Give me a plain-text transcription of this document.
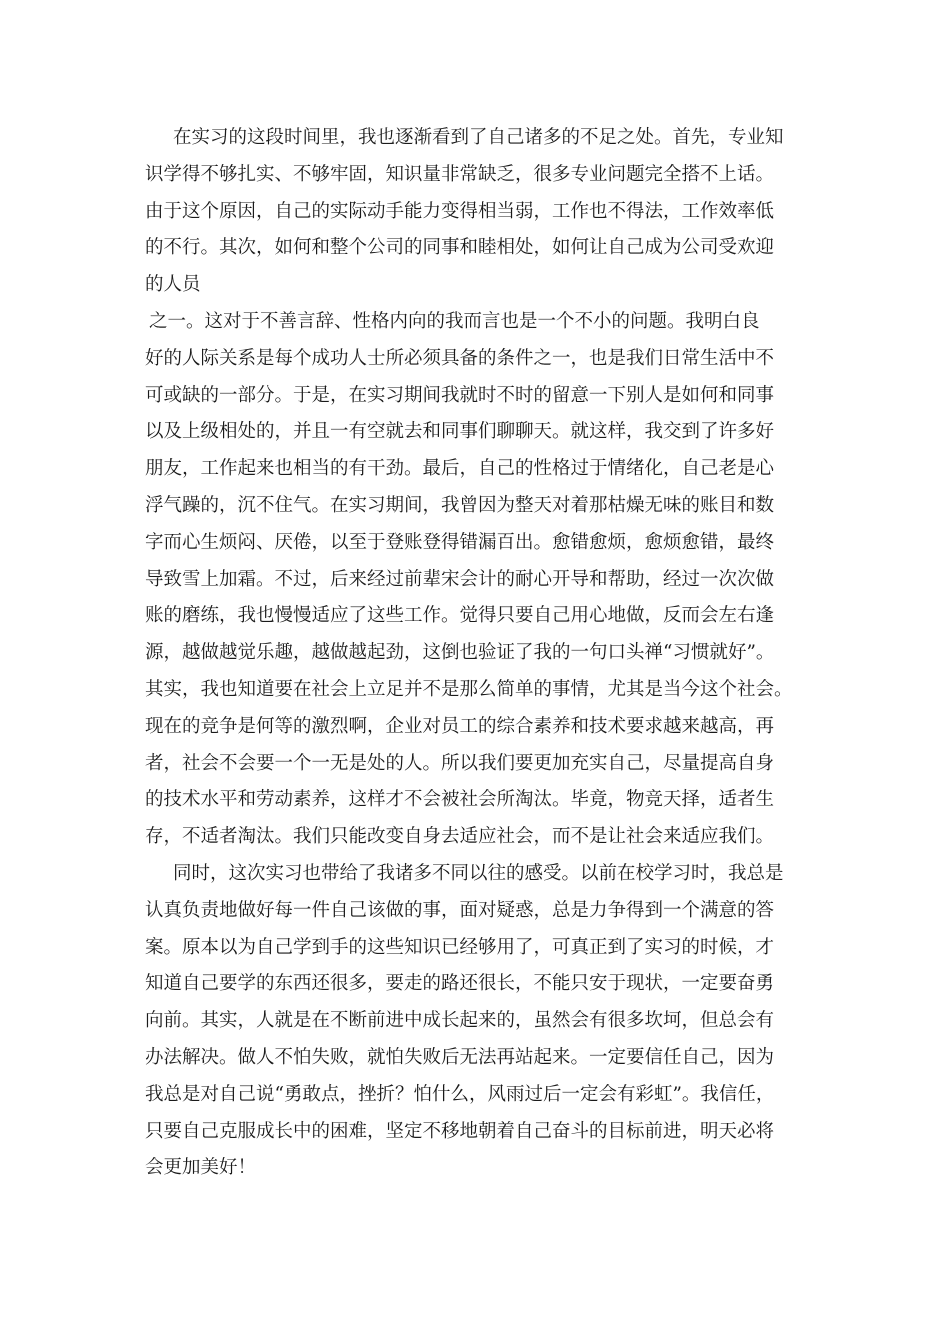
在实习的这段时间里，我也逐渐看到了自己诸多的不足之处。首先，专业知
识学得不够扎实、不够牢固，知识量非常缺乏，很多专业问题完全搭不上话。
由于这个原因，自己的实际动手能力变得相当弱，工作也不得法，工作效率低
的不行。其次，如何和整个公司的同事和睦相处，如何让自己成为公司受欢迎
的人员
之一。这对于不善言辞、性格内向的我而言也是一个不小的问题。我明白良
好的人际关系是每个成功人士所必须具备的条件之一，也是我们日常生活中不
可或缺的一部分。于是，在实习期间我就时不时的留意一下别人是如何和同事
以及上级相处的，并且一有空就去和同事们聊聊天。就这样，我交到了许多好
朋友，工作起来也相当的有干劲。最后，自己的性格过于情绪化，自己老是心
浮气躁的，沉不住气。在实习期间，我曾因为整天对着那枯燥无味的账目和数
字而心生烦闷、厌倦，以至于登账登得错漏百出。愈错愈烦，愈烦愈错，最终
导致雪上加霜。不过，后来经过前辈宋会计的耐心开导和帮助，经过一次次做
账的磨练，我也慢慢适应了这些工作。觉得只要自己用心地做，反而会左右逢
源，越做越觉乐趣，越做越起劲，这倒也验证了我的一句口头禅“习惯就好”。
其实，我也知道要在社会上立足并不是那么简单的事情，尤其是当今这个社会。
现在的竞争是何等的激烈啊，企业对员工的综合素养和技术要求越来越高，再
者，社会不会要一个一无是处的人。所以我们要更加充实自己，尽量提高自身
的技术水平和劳动素养，这样才不会被社会所淘汰。毕竟，物竞天择，适者生
存，不适者淘汰。我们只能改变自身去适应社会，而不是让社会来适应我们。
同时，这次实习也带给了我诸多不同以往的感受。以前在校学习时，我总是
认真负责地做好每一件自己该做的事，面对疑惑，总是力争得到一个满意的答
案。原本以为自己学到手的这些知识已经够用了，可真正到了实习的时候，才
知道自己要学的东西还很多，要走的路还很长，不能只安于现状，一定要奋勇
向前。其实，人就是在不断前进中成长起来的，虽然会有很多坎坷，但总会有
办法解决。做人不怕失败，就怕失败后无法再站起来。一定要信任自己，因为
我总是对自己说“勇敢点，挫折？怕什么，风雨过后一定会有彩虹”。我信任，
只要自己克服成长中的困难，坚定不移地朝着自己奋斗的目标前进，明天必将
会更加美好！
